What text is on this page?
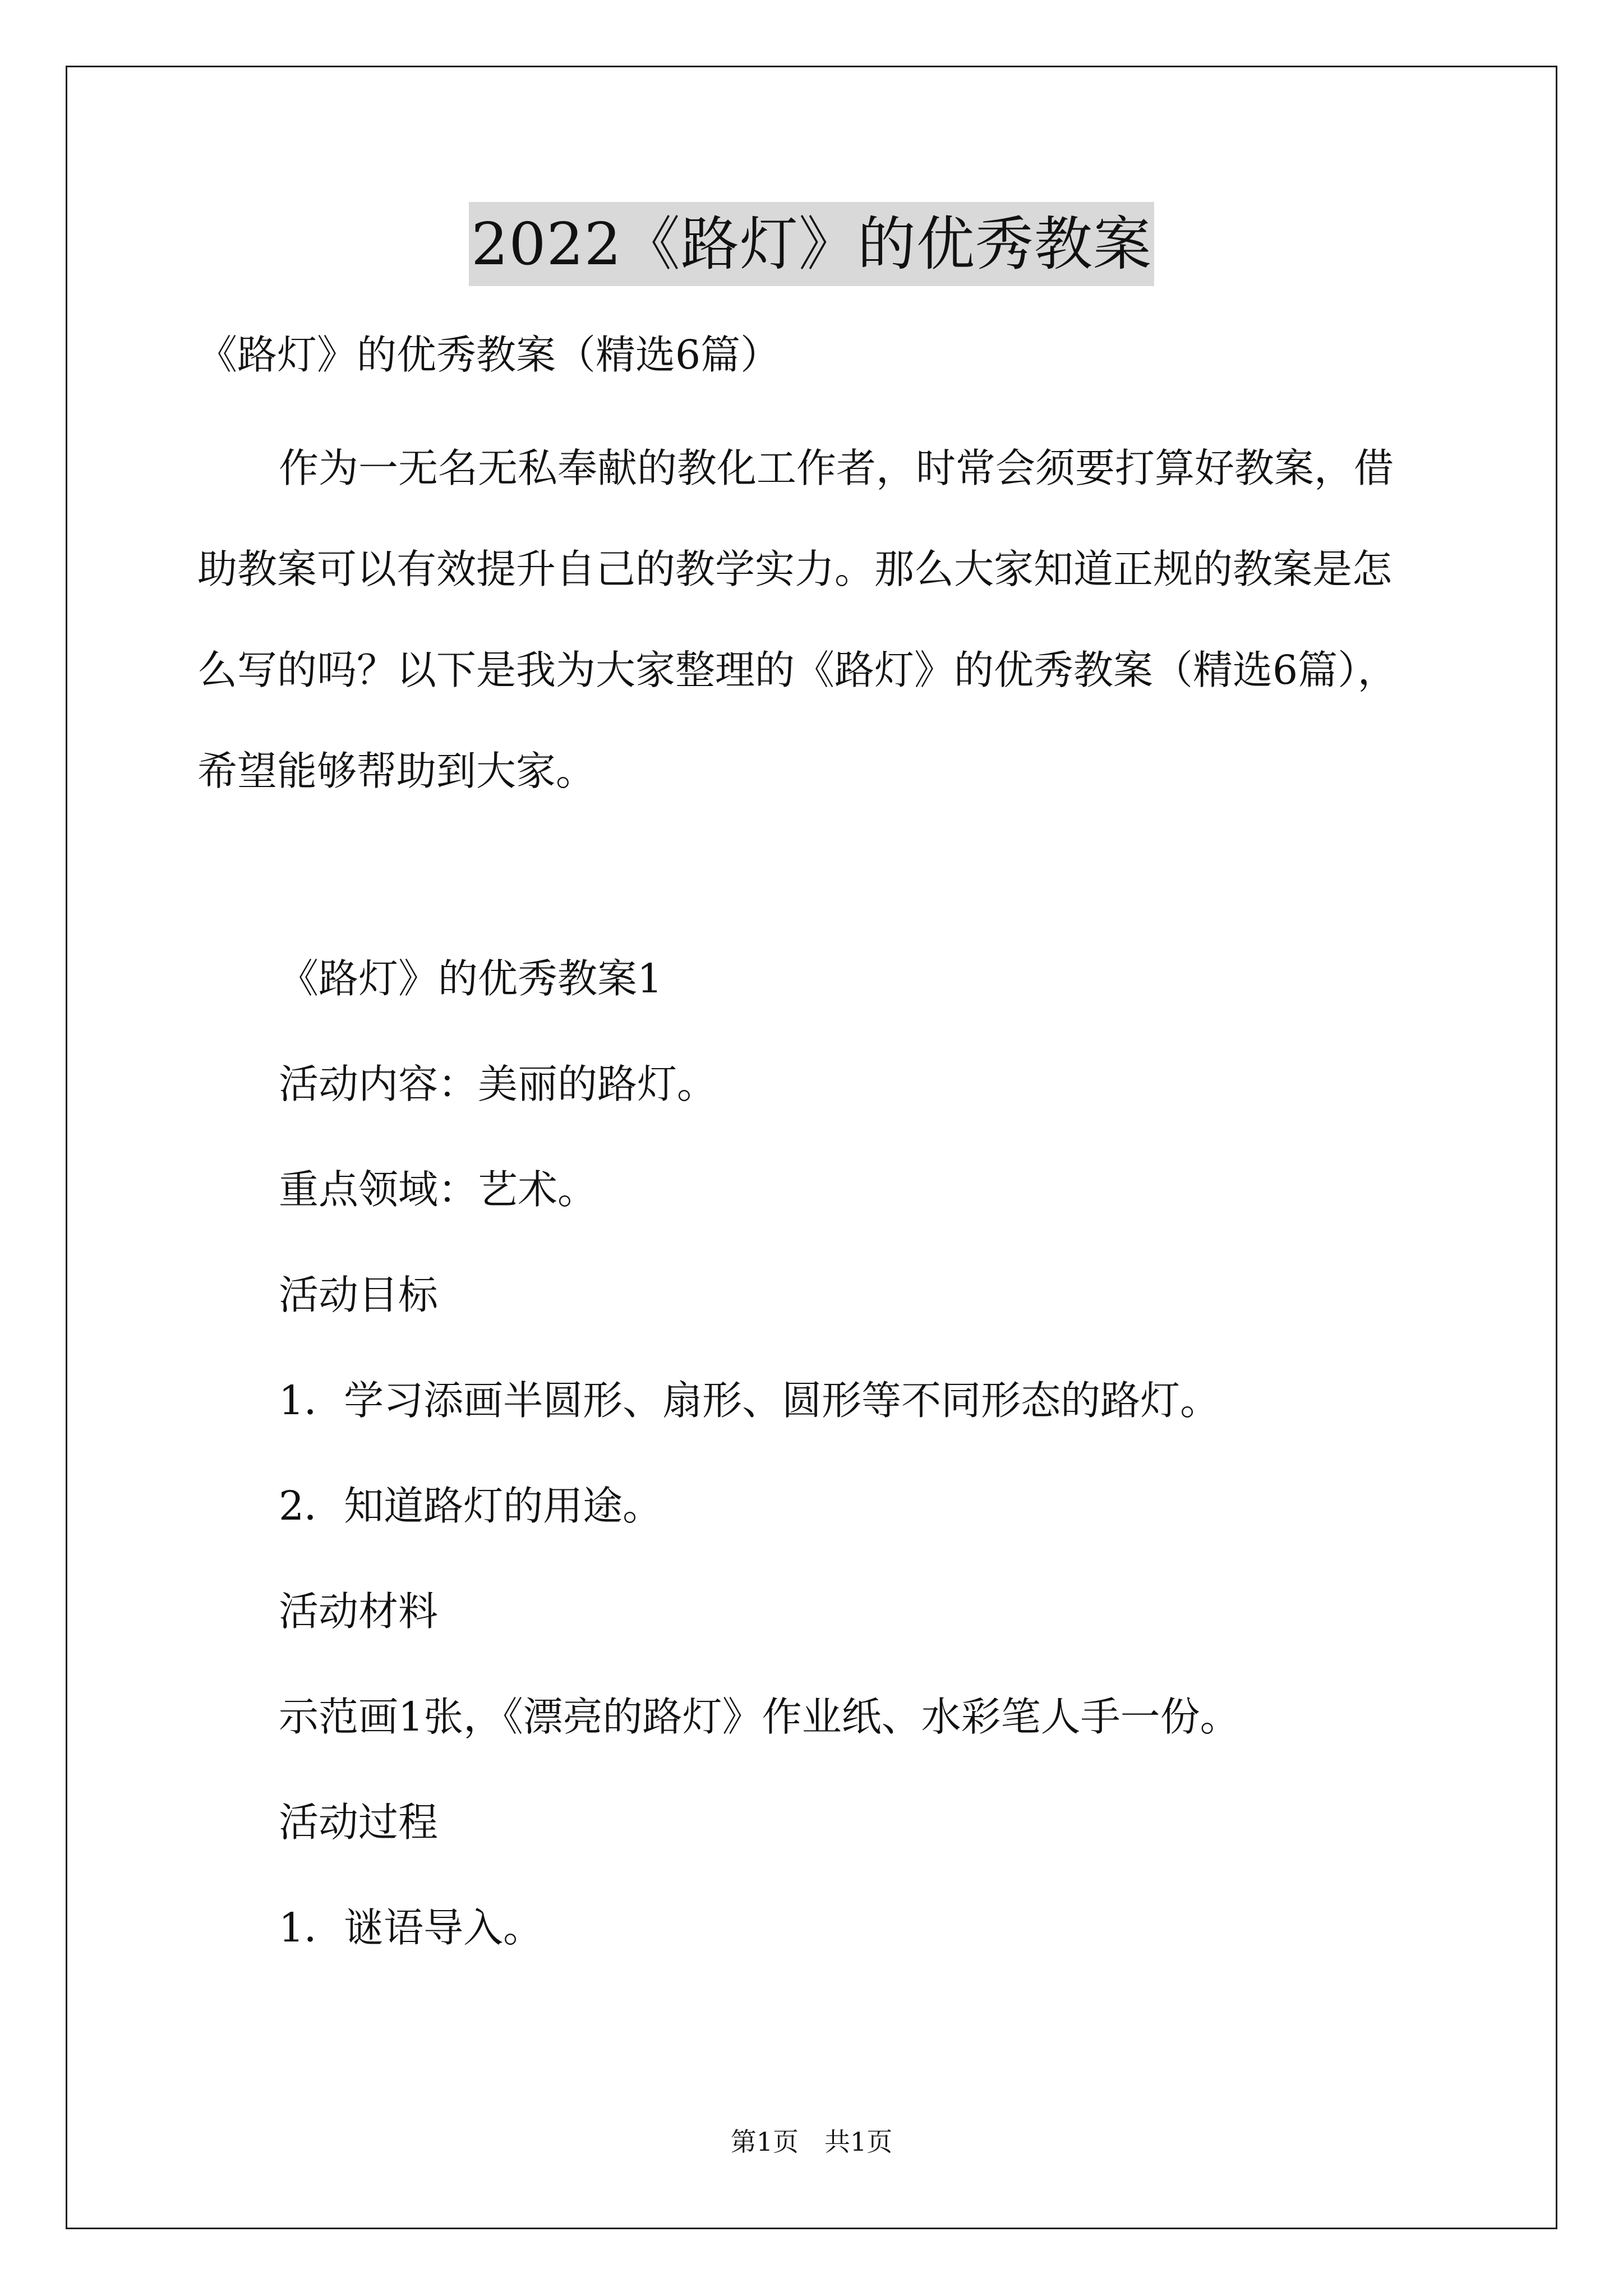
2022《路灯》的优秀教案
《路灯》的优秀教案（精选6篇）
作为一无名无私奉献的教化工作者，时常会须要打算好教案，借
助教案可以有效提升自己的教学实力。那么大家知道正规的教案是怎
么写的吗？以下是我为大家整理的《路灯》的优秀教案（精选6篇），
希望能够帮助到大家。
《路灯》的优秀教案1
活动内容：美丽的路灯。
重点领域：艺术。
活动目标
1．学习添画半圆形、扇形、圆形等不同形态的路灯。
2．知道路灯的用途。
活动材料
示范画1张，《漂亮的路灯》作业纸、水彩笔人手一份。
活动过程
1．谜语导入。
第1页　共1页
